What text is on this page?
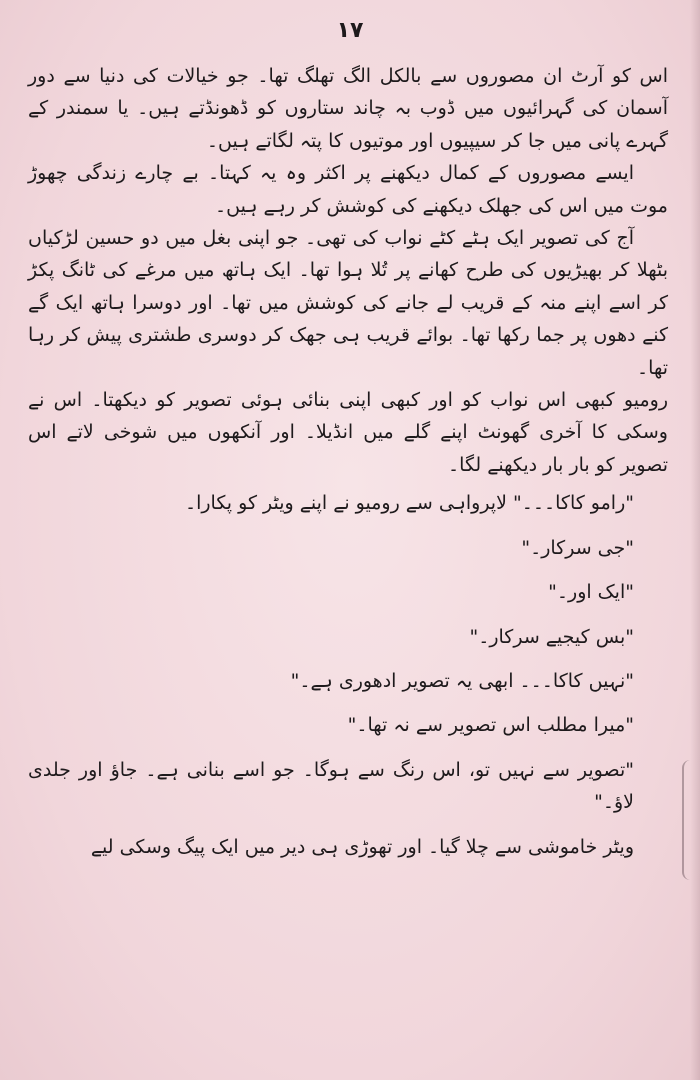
۱۷

اس کو آرٹ ان مصوروں سے بالکل الگ تھلگ تھا۔ جو خیالات کی دنیا سے دور آسمان کی گہرائیوں میں ڈوب بہ چاند ستاروں کو ڈھونڈتے ہیں۔ یا سمندر کے گہرے پانی میں جا کر سیپیوں اور موتیوں کا پتہ لگاتے ہیں۔

ایسے مصوروں کے کمال دیکھنے پر اکثر وہ یہ کہتا۔ بے چارے زندگی چھوڑ موت میں اس کی جھلک دیکھنے کی کوشش کر رہے ہیں۔

آج کی تصویر ایک ہٹے کٹے نواب کی تھی۔ جو اپنی بغل میں دو حسین لڑکیاں بٹھلا کر بھیڑیوں کی طرح کھانے پر تُلا ہوا تھا۔ ایک ہاتھ میں مرغے کی ٹانگ پکڑ کر اسے اپنے منہ کے قریب لے جانے کی کوشش میں تھا۔ اور دوسرا ہاتھ ایک گے کنے دھوں پر جما رکھا تھا۔ بوائے قریب ہی جھک کر دوسری طشتری پیش کر رہا تھا۔

رومیو کبھی اس نواب کو اور کبھی اپنی بنائی ہوئی تصویر کو دیکھتا۔ اس نے وسکی کا آخری گھونٹ اپنے گلے میں انڈیلا۔ اور آنکھوں میں شوخی لاتے اس تصویر کو بار بار دیکھنے لگا۔

"رامو کاکا۔۔۔" لاپرواہی سے رومیو نے اپنے ویٹر کو پکارا۔

"جی سرکار۔"

"ایک اور۔"

"بس کیجیے سرکار۔"

"نہیں کاکا۔۔۔ ابھی یہ تصویر ادھوری ہے۔"

"میرا مطلب اس تصویر سے نہ تھا۔"

"تصویر سے نہیں تو، اس رنگ سے ہوگا۔ جو اسے بنانی ہے۔ جاؤ اور جلدی لاؤ۔"

ویٹر خاموشی سے چلا گیا۔ اور تھوڑی ہی دیر میں ایک پیگ وسکی لیے
